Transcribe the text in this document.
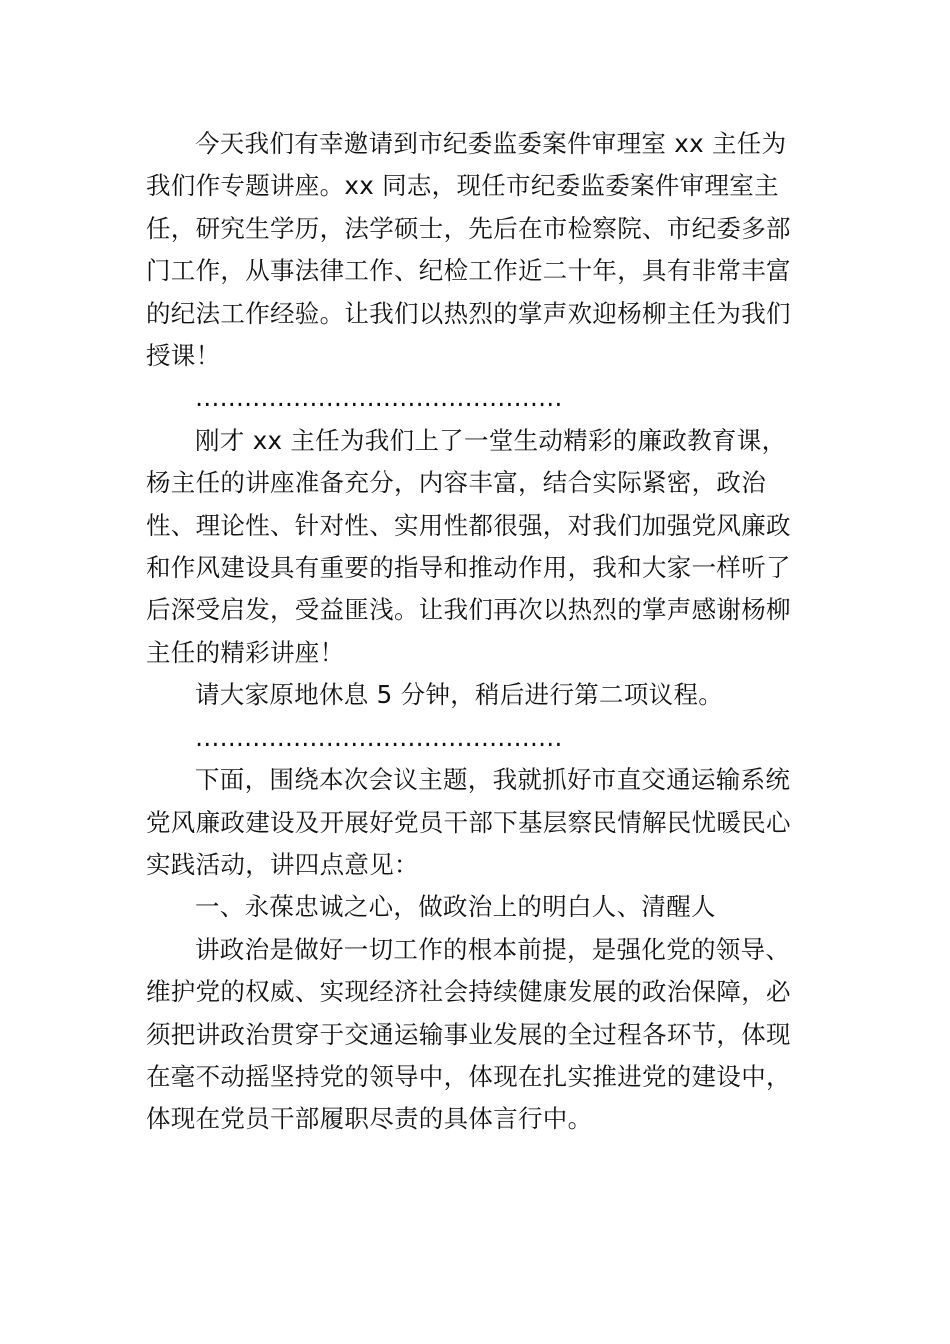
今天我们有幸邀请到市纪委监委案件审理室 xx 主任为我们作专题讲座。xx 同志，现任市纪委监委案件审理室主任，研究生学历，法学硕士，先后在市检察院、市纪委多部门工作，从事法律工作、纪检工作近二十年，具有非常丰富的纪法工作经验。让我们以热烈的掌声欢迎杨柳主任为我们授课！

………………………………………

刚才 xx 主任为我们上了一堂生动精彩的廉政教育课，杨主任的讲座准备充分，内容丰富，结合实际紧密，政治性、理论性、针对性、实用性都很强，对我们加强党风廉政和作风建设具有重要的指导和推动作用，我和大家一样听了后深受启发，受益匪浅。让我们再次以热烈的掌声感谢杨柳主任的精彩讲座！

请大家原地休息 5 分钟，稍后进行第二项议程。

………………………………………

下面，围绕本次会议主题，我就抓好市直交通运输系统党风廉政建设及开展好党员干部下基层察民情解民忧暖民心实践活动，讲四点意见：

一、永葆忠诚之心，做政治上的明白人、清醒人

讲政治是做好一切工作的根本前提，是强化党的领导、维护党的权威、实现经济社会持续健康发展的政治保障，必须把讲政治贯穿于交通运输事业发展的全过程各环节，体现在毫不动摇坚持党的领导中，体现在扎实推进党的建设中，体现在党员干部履职尽责的具体言行中。
